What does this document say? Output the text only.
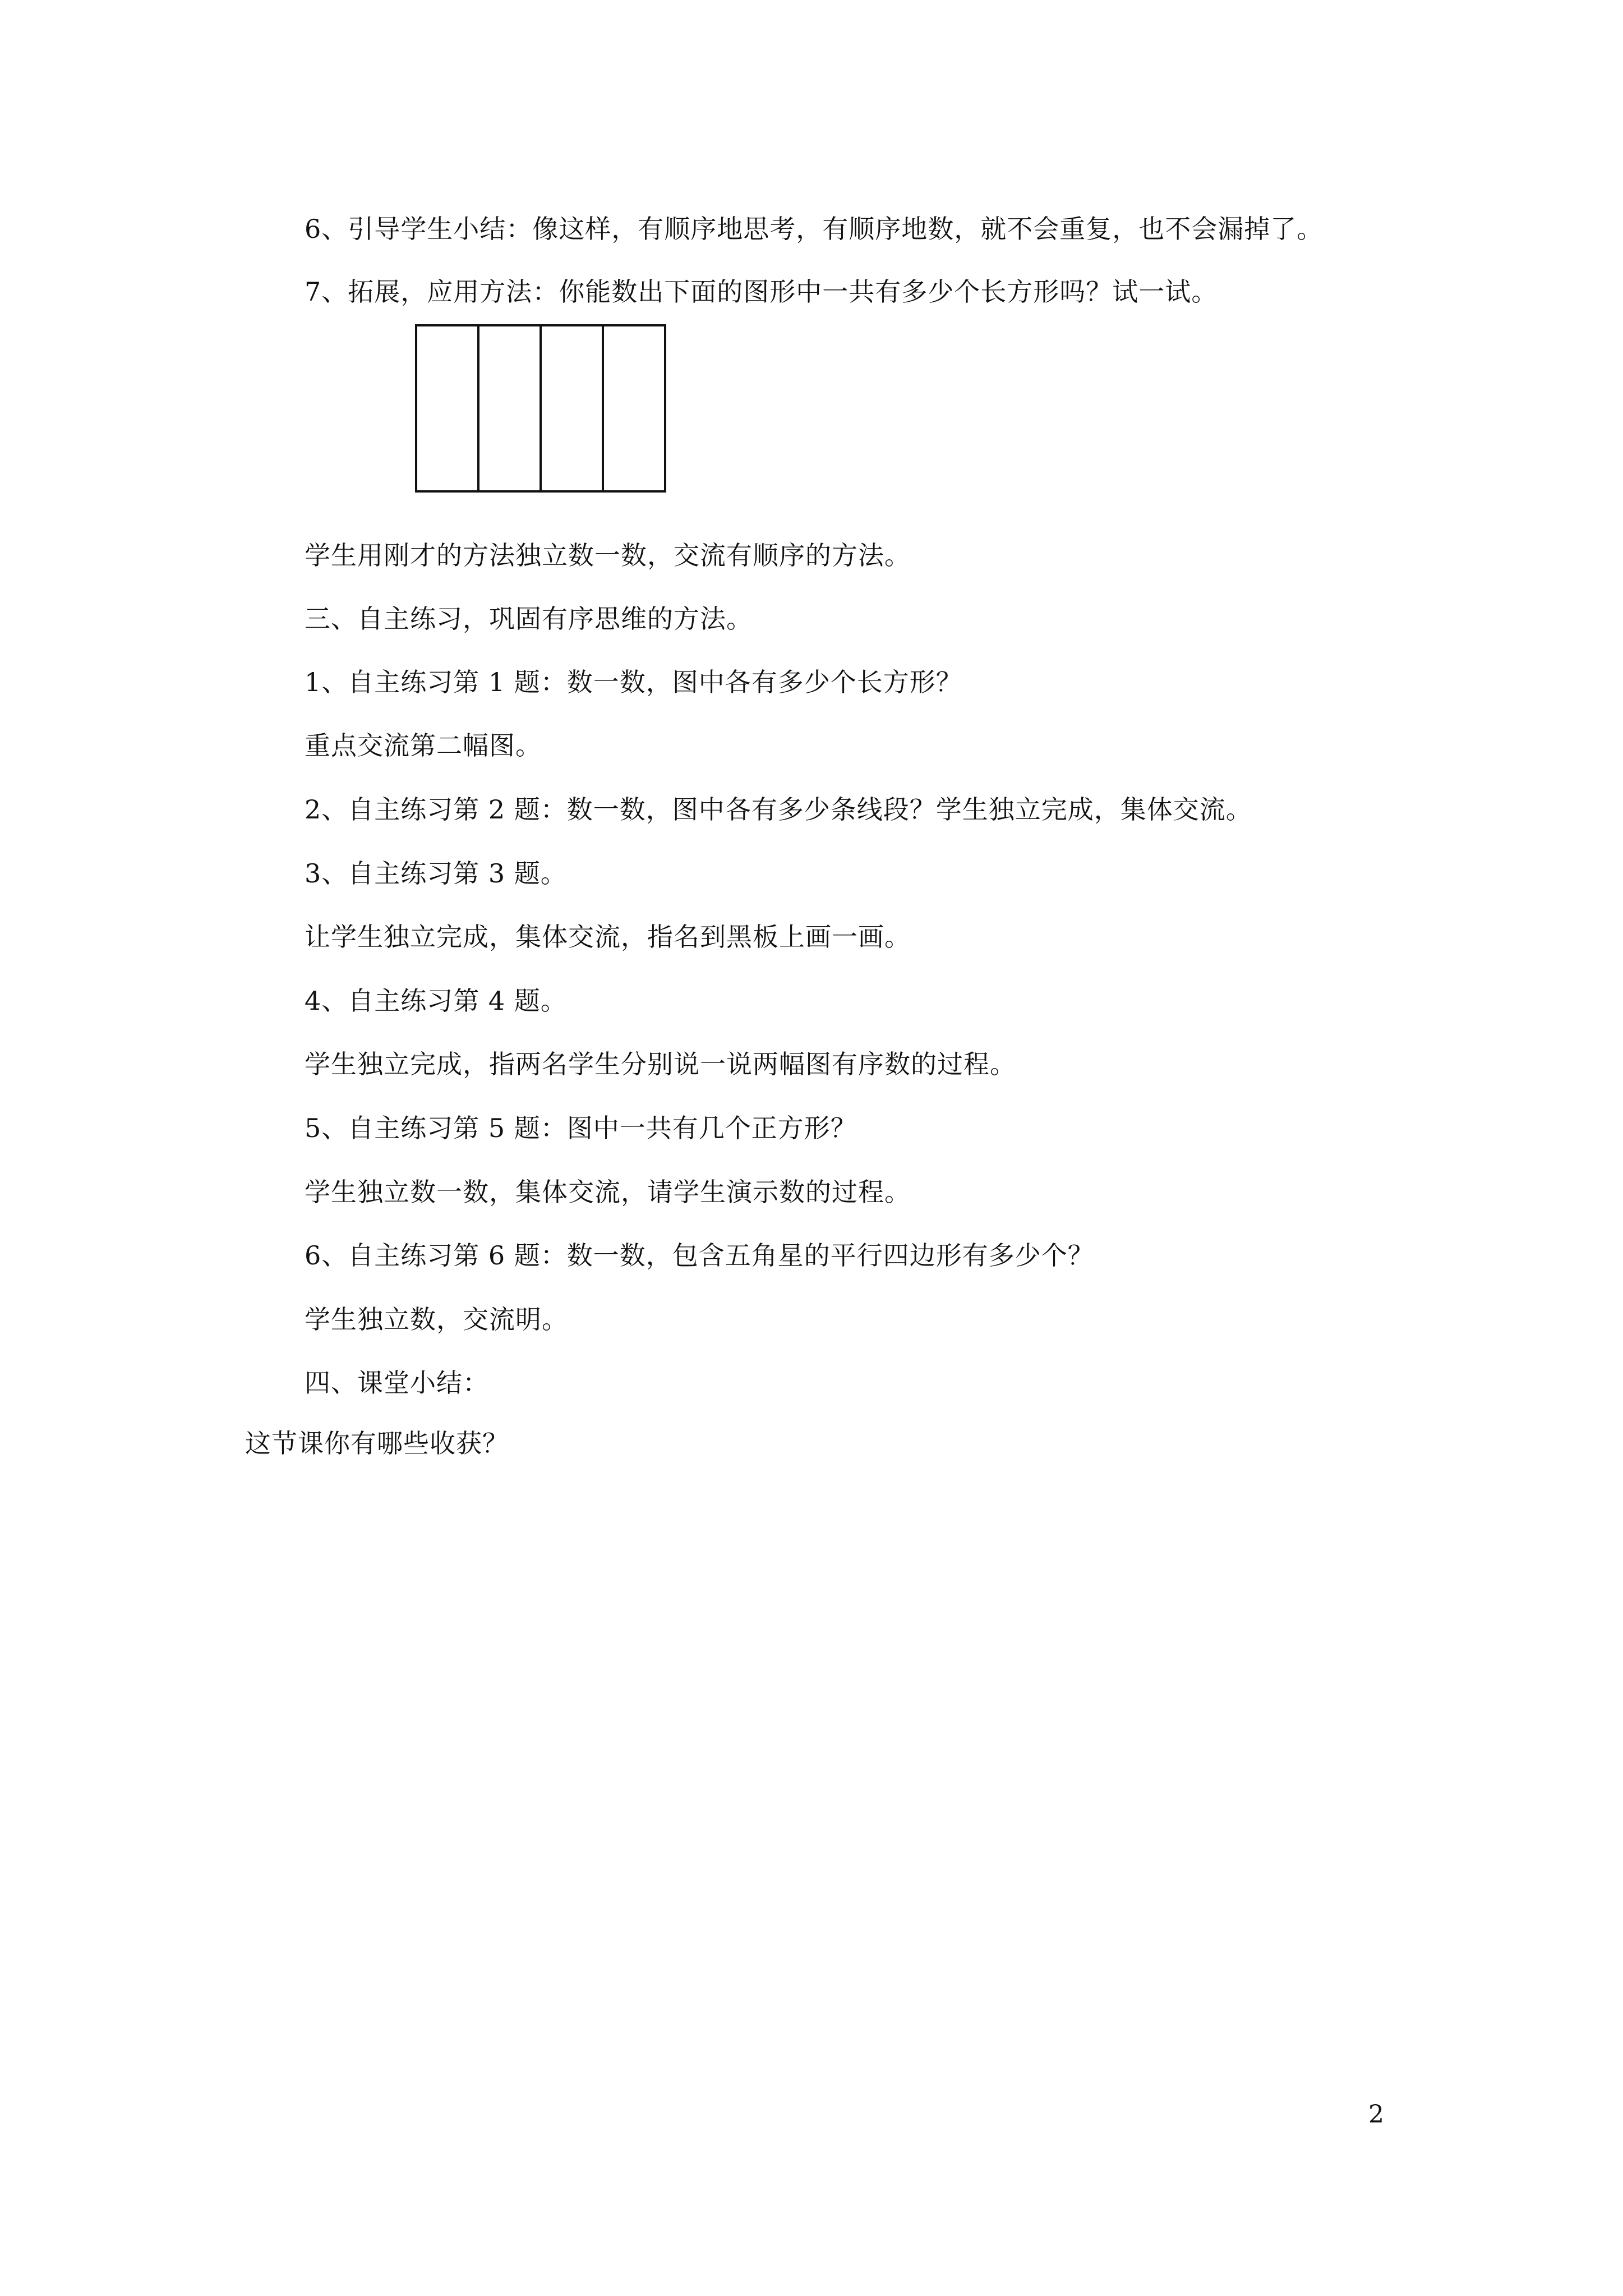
6、引导学生小结：像这样，有顺序地思考，有顺序地数，就不会重复，也不会漏掉了。
7、拓展，应用方法：你能数出下面的图形中一共有多少个长方形吗？试一试。
学生用刚才的方法独立数一数，交流有顺序的方法。
三、自主练习，巩固有序思维的方法。
1、自主练习第 1 题：数一数，图中各有多少个长方形？
重点交流第二幅图。
2、自主练习第 2 题：数一数，图中各有多少条线段？学生独立完成，集体交流。
3、自主练习第 3 题。
让学生独立完成，集体交流，指名到黑板上画一画。
4、自主练习第 4 题。
学生独立完成，指两名学生分别说一说两幅图有序数的过程。
5、自主练习第 5 题：图中一共有几个正方形？
学生独立数一数，集体交流，请学生演示数的过程。
6、自主练习第 6 题：数一数，包含五角星的平行四边形有多少个？
学生独立数，交流明。
四、课堂小结：
这节课你有哪些收获？
2
